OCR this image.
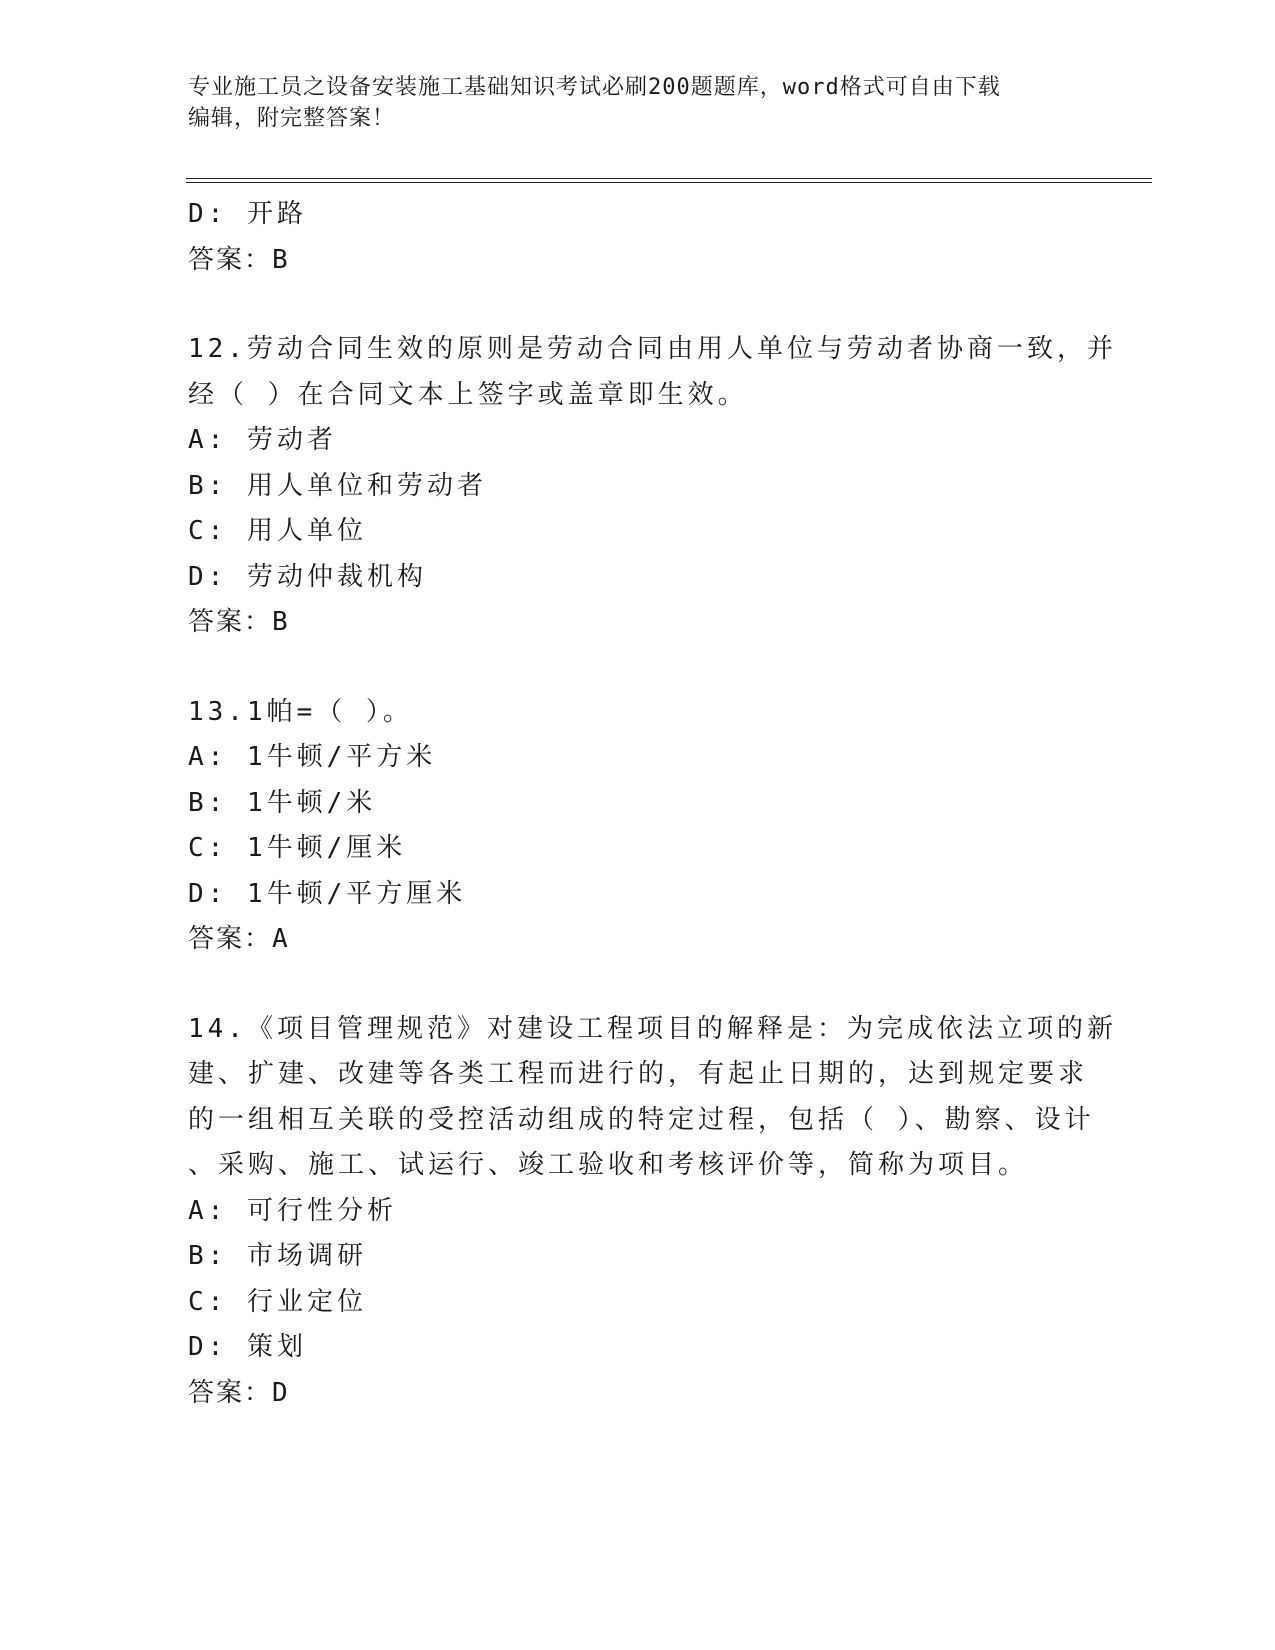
专业施工员之设备安装施工基础知识考试必刷200题题库，word格式可自由下载
编辑，附完整答案！
D: 开路
答案：B
12.劳动合同生效的原则是劳动合同由用人单位与劳动者协商一致，并
经（ ）在合同文本上签字或盖章即生效。
A: 劳动者
B: 用人单位和劳动者
C: 用人单位
D: 劳动仲裁机构
答案：B
13.1帕=（ ）。
A: 1牛顿/平方米
B: 1牛顿/米
C: 1牛顿/厘米
D: 1牛顿/平方厘米
答案：A
14.《项目管理规范》对建设工程项目的解释是：为完成依法立项的新
建、扩建、改建等各类工程而进行的，有起止日期的，达到规定要求
的一组相互关联的受控活动组成的特定过程，包括（ ）、勘察、设计
、采购、施工、试运行、竣工验收和考核评价等，简称为项目。
A: 可行性分析
B: 市场调研
C: 行业定位
D: 策划
答案：D
